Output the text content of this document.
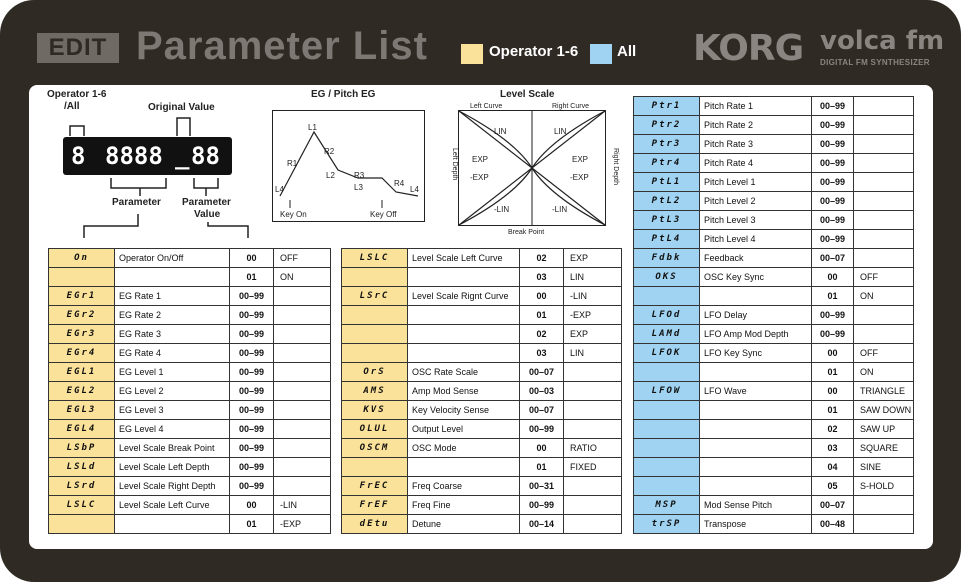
EDIT Parameter List	Operator 1-6	All KORG volca fm
DIGITAL FM SYNTHESIZER
Operator 1-6
/All	Original Value
8 8888 _ 88
Parameter Parameter
Value
EG / Pitch EG
L1
R1
R2
L2 R3
L3	R4
L4	L4
Key On	Key Off
Level Scale
Left Curve	Right Curve
Left Depth	Right Depth
Break Point
LIN	LIN
EXP	EXP
-EXP	-EXP
-LIN	-LIN
On	Operator On/Off	00	OFF
		01	ON
EGr1	EG Rate 1	00–99	
EGr2	EG Rate 2	00–99	
EGr3	EG Rate 3	00–99	
EGr4	EG Rate 4	00–99	
EGL1	EG Level 1	00–99	
EGL2	EG Level 2	00–99	
EGL3	EG Level 3	00–99	
EGL4	EG Level 4	00–99	
LSbP	Level Scale Break Point	00–99	
LSLd	Level Scale Left Depth	00–99	
LSrd	Level Scale Right Depth	00–99	
LSLC	Level Scale Left Curve	00	-LIN
		01	-EXP
LSLC	Level Scale Left Curve	02	EXP
		03	LIN
LSrC	Level Scale Rignt Curve	00	-LIN
		01	-EXP
		02	EXP
		03	LIN
OrS	OSC Rate Scale	00–07	
AMS	Amp Mod Sense	00–03	
KVS	Key Velocity Sense	00–07	
OLUL	Output Level	00–99	
OSCM	OSC Mode	00	RATIO
		01	FIXED
FrEC	Freq Coarse	00–31	
FrEF	Freq Fine	00–99	
dEtu	Detune	00–14	
Ptr1	Pitch Rate 1	00–99	
Ptr2	Pitch Rate 2	00–99	
Ptr3	Pitch Rate 3	00–99	
Ptr4	Pitch Rate 4	00–99	
PtL1	Pitch Level 1	00–99	
PtL2	Pitch Level 2	00–99	
PtL3	Pitch Level 3	00–99	
PtL4	Pitch Level 4	00–99	
Fdbk	Feedback	00–07	
OKS	OSC Key Sync	00	OFF
		01	ON
LFOd	LFO Delay	00–99	
LAMd	LFO Amp Mod Depth	00–99	
LFOK	LFO Key Sync	00	OFF
		01	ON
LFOW	LFO Wave	00	TRIANGLE
		01	SAW DOWN
		02	SAW UP
		03	SQUARE
		04	SINE
		05	S-HOLD
MSP	Mod Sense Pitch	00–07	
trSP	Transpose	00–48	
